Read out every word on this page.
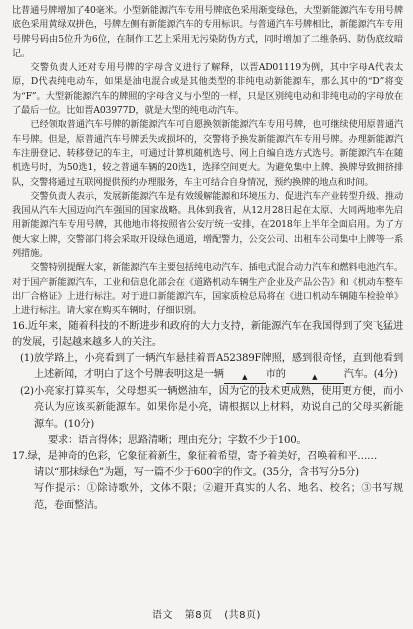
比普通号牌增加了40毫米。小型新能源汽车专用号牌底色采用渐变绿色，大型新能源汽车专用号牌底色采用黄绿双拼色，号牌左侧有新能源汽车的专用标识。与普通汽车号牌相比，新能源汽车专用号牌号码由5位升为6位，在制作工艺上采用无污染防伪方式，同时增加了二维条码、防伪底纹暗记。

交警负责人还对专用号牌的字母含义进行了解释，以晋AD01119为例，其中字母A代表太原，D代表纯电动车，如果是油电混合或是其他类型的非纯电动新能源车，那么其中的“D”将变为“F”。大型新能源汽车的牌照的字母含义与小型的一样，只是区别纯电动和非纯电动的字母放在了最后一位。比如晋A03977D，就是大型的纯电动汽车。

已经领取普通汽车号牌的新能源汽车可自愿换领新能源汽车专用号牌，也可继续使用原普通汽车号牌。但是，原普通汽车号牌丢失或损坏的，交警将予换发新能源汽车专用号牌。办理新能源汽车注册登记、转移登记的车主，可通过计算机随机选号、网上自编自选方式选号。新能源汽车在随机选号时，为50选1，较之普通车辆的20选1，选择空间更大。为避免集中上牌、换牌导致拥挤排队，交警将通过互联网提供预约办理服务，车主可结合自身情况，预约换牌的地点和时间。

交警负责人表示，发展新能源汽车是有效缓解能源和环境压力、促进汽车产业转型升级、推动我国从汽车大国迈向汽车强国的国家战略。具体到我省，从12月28日起在太原、大同两地率先启用新能源汽车专用号牌，其他地市将按照省公安厅统一安排，在2018年上半年全面启用。为了方便大家上牌，交警部门将会采取开设绿色通道，增配警力，公交公司、出租车公司集中上牌等一系列措施。

交警特别提醒大家，新能源汽车主要包括纯电动汽车、插电式混合动力汽车和燃料电池汽车。对于国产新能源汽车，工业和信息化部会在《道路机动车辆生产企业及产品公告》和《机动车整车出厂合格证》上进行标注。对于进口新能源汽车，国家质检总局将在《进口机动车辆随车检验单》上进行标注。请大家在购买车辆时，仔细识别。

16.近年来，随着科技的不断进步和政府的大力支持，新能源汽车在我国得到了突飞猛进的发展，引起越来越多人的关注。

(1)放学路上，小亮看到了一辆汽车悬挂着晋A52389F牌照，感到很奇怪，直到他看到上述新闻，才明白了这个号牌表明这是一辆	▲ 市的	▲	汽车。(4分)

(2)小亮家打算买车，父母想买一辆燃油车，因为它的技术更成熟，使用更方便，而小亮认为应该买新能源车。如果你是小亮，请根据以上材料，劝说自己的父母买新能源车。(10分)

要求：语言得体；思路清晰；理由充分；字数不少于100。

17.绿，是神奇的色彩，它象征着新生，象征着希望，寄予着美好，召唤着和平……

请以“那抹绿色”为题，写一篇不少于600字的作文。(35分，含书写分5分)

写作提示：①除诗歌外，文体不限；②避开真实的人名、地名、校名；③书写规范，卷面整洁。

语文 第8页 (共8页)
